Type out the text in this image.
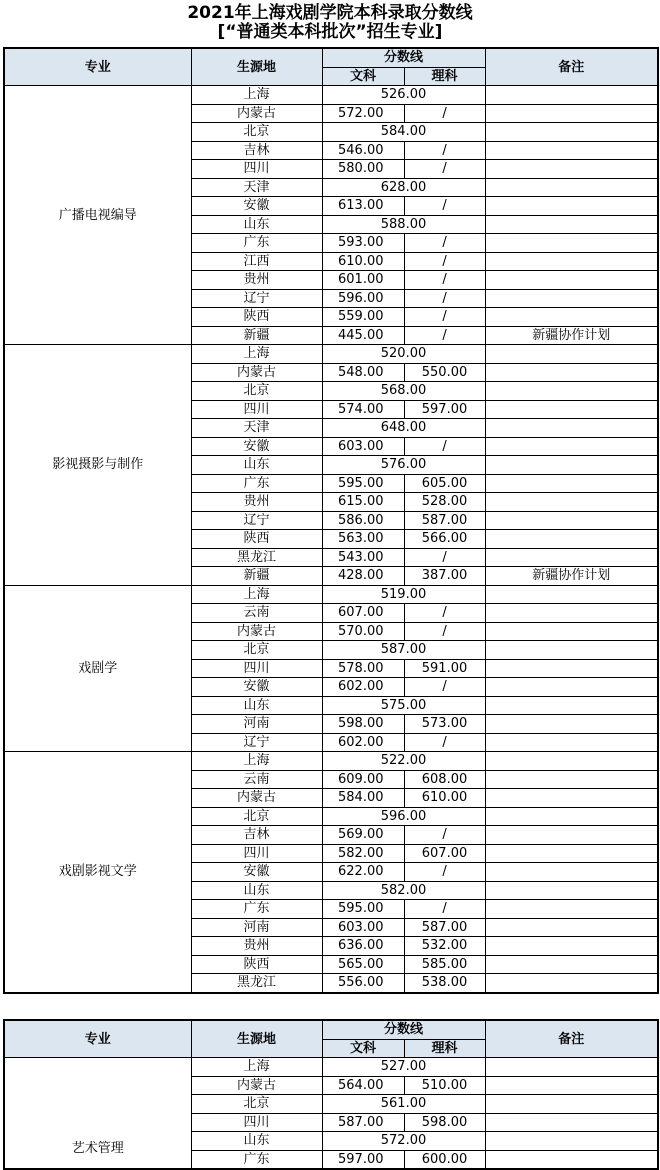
2021年上海戏剧学院本科录取分数线
[“普通类本科批次”招生专业]
专业	生源地	分数线		备注
		文科	理科	
广播电视编导	上海	526.00		
	内蒙古	572.00	/	
	北京	584.00		
	吉林	546.00	/	
	四川	580.00	/	
	天津	628.00		
	安徽	613.00	/	
	山东	588.00		
	广东	593.00	/	
	江西	610.00	/	
	贵州	601.00	/	
	辽宁	596.00	/	
	陕西	559.00	/	
	新疆	445.00	/	新疆协作计划
影视摄影与制作	上海	520.00		
	内蒙古	548.00	550.00	
	北京	568.00		
	四川	574.00	597.00	
	天津	648.00		
	安徽	603.00	/	
	山东	576.00		
	广东	595.00	605.00	
	贵州	615.00	528.00	
	辽宁	586.00	587.00	
	陕西	563.00	566.00	
	黑龙江	543.00	/	
	新疆	428.00	387.00	新疆协作计划
戏剧学	上海	519.00		
	云南	607.00	/	
	内蒙古	570.00	/	
	北京	587.00		
	四川	578.00	591.00	
	安徽	602.00	/	
	山东	575.00		
	河南	598.00	573.00	
	辽宁	602.00	/	
戏剧影视文学	上海	522.00		
	云南	609.00	608.00	
	内蒙古	584.00	610.00	
	北京	596.00		
	吉林	569.00	/	
	四川	582.00	607.00	
	安徽	622.00	/	
	山东	582.00		
	广东	595.00	/	
	河南	603.00	587.00	
	贵州	636.00	532.00	
	陕西	565.00	585.00	
	黑龙江	556.00	538.00	
专业	生源地	分数线		备注
		文科	理科	
艺术管理	上海	527.00		
	内蒙古	564.00	510.00	
	北京	561.00		
	四川	587.00	598.00	
	山东	572.00		
	广东	597.00	600.00	
